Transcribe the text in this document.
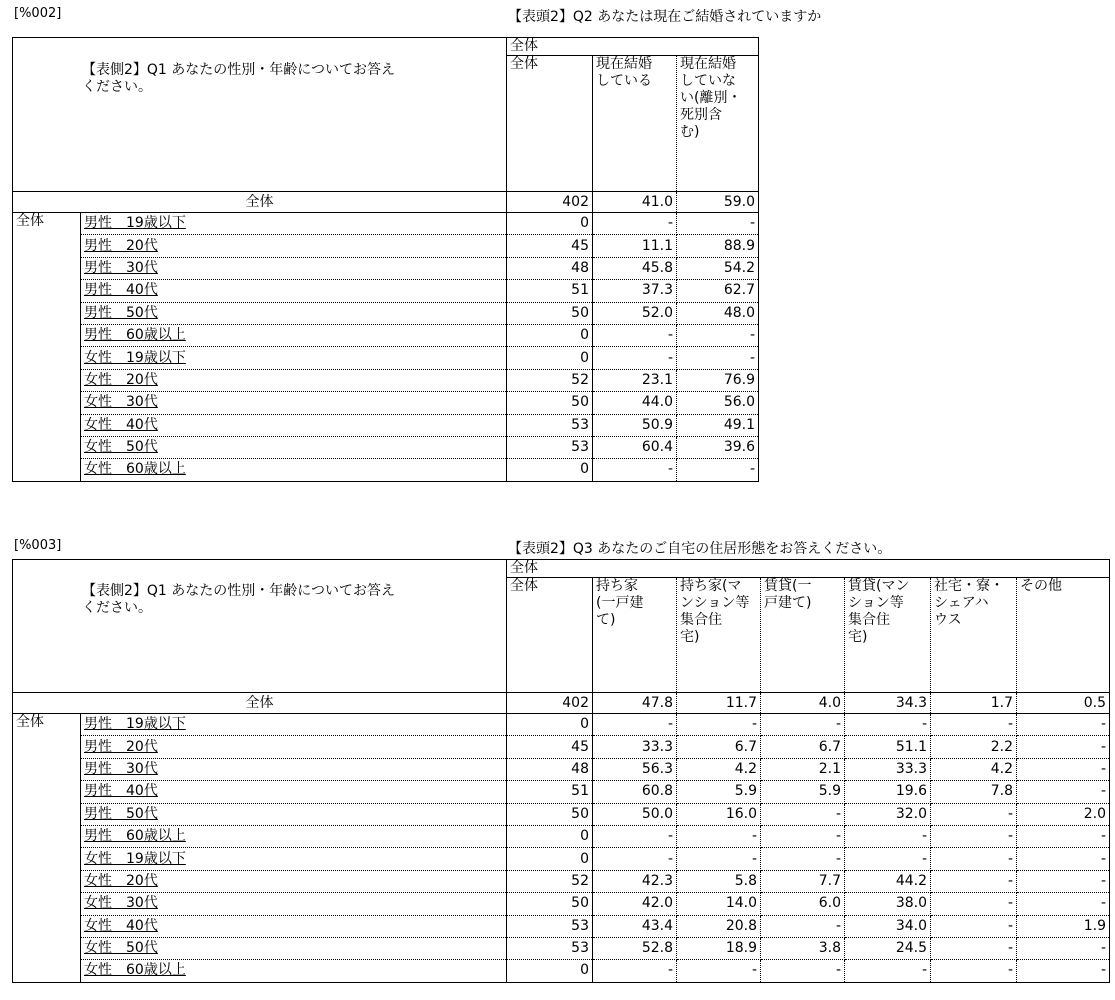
[%002]	【表頭2】Q2 あなたは現在ご結婚されていますか
【表側2】Q1 あなたの性別・年齢についてお答え
ください。
		全体		
		全体	現在結婚
している	現在結婚
していな
い(離別・
死別含
む)
全体		402	41.0	59.0
全体	男性　19歳以下	0	-	-
	男性　20代	45	11.1	88.9
	男性　30代	48	45.8	54.2
	男性　40代	51	37.3	62.7
	男性　50代	50	52.0	48.0
	男性　60歳以上	0	-	-
	女性　19歳以下	0	-	-
	女性　20代	52	23.1	76.9
	女性　30代	50	44.0	56.0
	女性　40代	53	50.9	49.1
	女性　50代	53	60.4	39.6
	女性　60歳以上	0	-	-
[%003]	【表頭2】Q3 あなたのご自宅の住居形態をお答えください。
【表側2】Q1 あなたの性別・年齢についてお答え
ください。
		全体						
		全体	持ち家
(一戸建
て)	持ち家(マ
ンション等
集合住
宅)	賃貸(一
戸建て)	賃貸(マン
ション等
集合住
宅)	社宅・寮・
シェアハ
ウス	その他
全体		402	47.8	11.7	4.0	34.3	1.7	0.5
全体	男性　19歳以下	0	-	-	-	-	-	-
	男性　20代	45	33.3	6.7	6.7	51.1	2.2	-
	男性　30代	48	56.3	4.2	2.1	33.3	4.2	-
	男性　40代	51	60.8	5.9	5.9	19.6	7.8	-
	男性　50代	50	50.0	16.0	-	32.0	-	2.0
	男性　60歳以上	0	-	-	-	-	-	-
	女性　19歳以下	0	-	-	-	-	-	-
	女性　20代	52	42.3	5.8	7.7	44.2	-	-
	女性　30代	50	42.0	14.0	6.0	38.0	-	-
	女性　40代	53	43.4	20.8	-	34.0	-	1.9
	女性　50代	53	52.8	18.9	3.8	24.5	-	-
	女性　60歳以上	0	-	-	-	-	-	-
